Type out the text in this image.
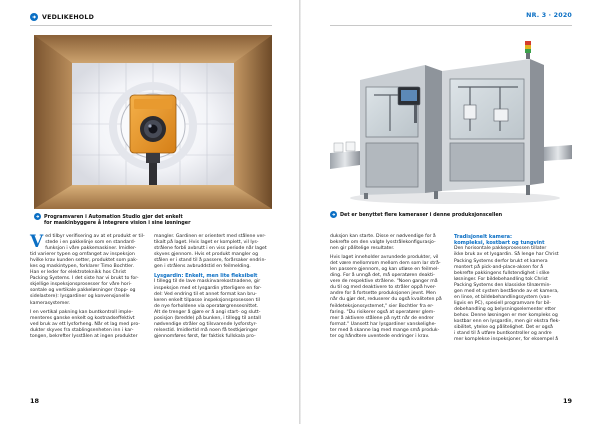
VEDLIKEHOLD
Programvaren i Automation Studio gjør det enkelt
for maskinbyggere å integrere vision i sine løsninger
V ed tilbyr verifisering av at et produkt er til-
stede i en pakkelinje som en standard-
funksjon i våre pakkemaskiner. Imidler-
tid varierer typen og omfanget av inspeksjon
hvilke krav kunden setter, produktet som pak-
kes og maskintypen, forklarer Timo Bochtler.
Han er leder for elektroteknikk hos Christ
Packing Systems. I det siste har vi brukt to for-
skjellige inspeksjonsprosesser for våre hori-
sontale og vertikale pakkeløsninger (topp- og
sidelastere): lysgardiner og konvensjonelle
kamerasystemer.
I en vertikal pakning kan buntkontroll imple-
menteres ganske enkelt og kostnadseffektivt
ved bruk av ett lysforheng. Når et lag med pro-
dukter skyves fra stablingsenheten inn i kar-
tongen, bekrefter lysstålen at ingen produkter
mangler. Gardinen er orientert med stålene ver-
tikalt på laget. Hvis laget er komplett, vil lys-
strålene forbli avbrutt i en viss periode når laget
skyves gjennom. Hvis et produkt mangler og
stålen er i stand til å passere, forårsaker endrin-
gen i strålens avbruddstid en feilmelding.
Lysgardin: Enkelt, men lite fleksibelt
I tillegg til de lave maskinvarekostnadene, gir
inspeksjon med et lysgardin ytterligere en for-
del: Ved endring til et annet format kan bru-
keren enkelt tilpasse inspeksjonsprosessen til
de nye forholdene via operatørgrensesnittet.
Alt de trenger å gjøre er å angi start- og slutt-
posisjon (bredde) på bunken, i tillegg til antall
nødvendige stråler og tilsvarende lysforstyr-
relsestid. Imidlertid må noen få testkjøringer
gjennomføres først, før faktisk fullskala pro-
18
NR. 3 · 2020
Det er benyttet flere kameraser i denne produksjonscellen
duksjon kan starte. Disse er nødvendige for å
bekrefte om den valgte lysstrålekonfigurasjo-
nen gir pålitelige resultater.
Hvis laget inneholder avrundede produkter, vil
det være mellomrom mellom dem som lar strå-
len passere gjennom, og kan utløse en feilmel-
ding. For å unngå det, må operatøren deakti-
vere de respektive strålene. "Noen ganger må
du til og med deaktivere to stråler oppå hver-
andre for å fortsette produksjonen jevnt. Men
når du gjør det, reduserer du også kvaliteten på
feildeteksjonssystemet," sier Bochtler fra er-
faring. "Du risikerer også at operatører glem-
mer å aktivere stålene på nytt når de endrer
format." Uansett har lysgardiner vanskelighe-
ter med å skanne lag med mange små produk-
ter og håndtere uventede endringer i krav.
Tradisjonelt kamera:
kompleksi, kostbart og tungvint
Den horisontale pakkeprosessen tillater
ikke bruk av et lysgardin. Så lenge har Christ
Packing Systems derfor brukt et kamera
montert på pick-and-place-aksen for å
bekrefte pakkingens fullstendighet i slike
løsninger. For bildebehandling tok Christ
Packing Systems den klassiske tilnærmin-
gen med et system bestående av et kamera,
en linse, et bildebehandlingssystem (van-
ligvis en PC), spesiell programvare for bil-
debehandling og belysningselementer etter
behov. Denne løsningen er mer kompleks og
kostbar enn en lysgardin, men gir ekstra flek-
sibilitet, ytelse og pålitelighet. Det er også
i stand til å utføre buntkontroller og andre
mer komplekse inspeksjoner, for eksempel å
19
